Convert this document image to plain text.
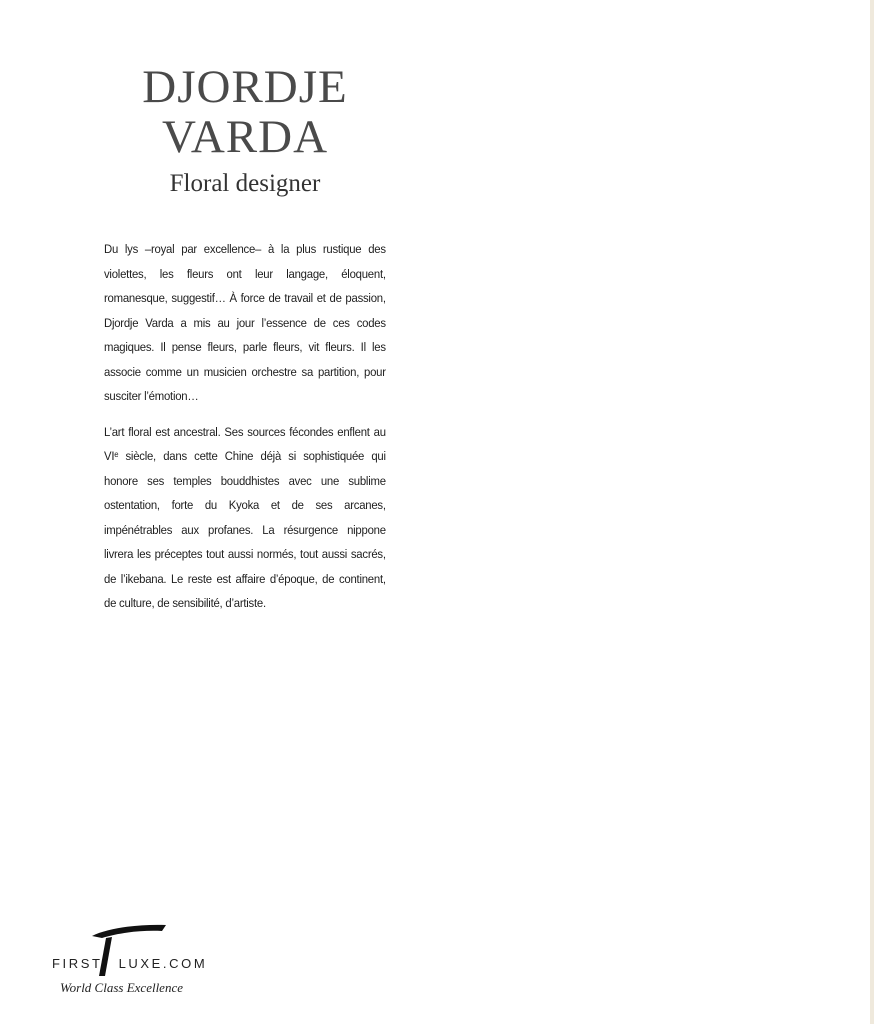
DJORDJE
VARDA
Floral designer

Du lys –royal par excellence– à la plus rustique des violettes, les fleurs ont leur langage, éloquent, romanesque, suggestif… À force de travail et de passion, Djordje Varda a mis au jour l’essence de ces codes magiques. Il pense fleurs, parle fleurs, vit fleurs. Il les associe comme un musicien orchestre sa partition, pour susciter l’émotion…

L’art floral est ancestral. Ses sources fécondes enflent au VIᵉ siècle, dans cette Chine déjà si sophistiquée qui honore ses temples bouddhistes avec une sublime ostentation, forte du Kyoka et de ses arcanes, impénétrables aux profanes. La résurgence nippone livrera les préceptes tout aussi normés, tout aussi sacrés, de l’ikebana. Le reste est affaire d’époque, de continent, de culture, de sensibilité, d’artiste.

FIRST LUXE.COM
World Class Excellence
